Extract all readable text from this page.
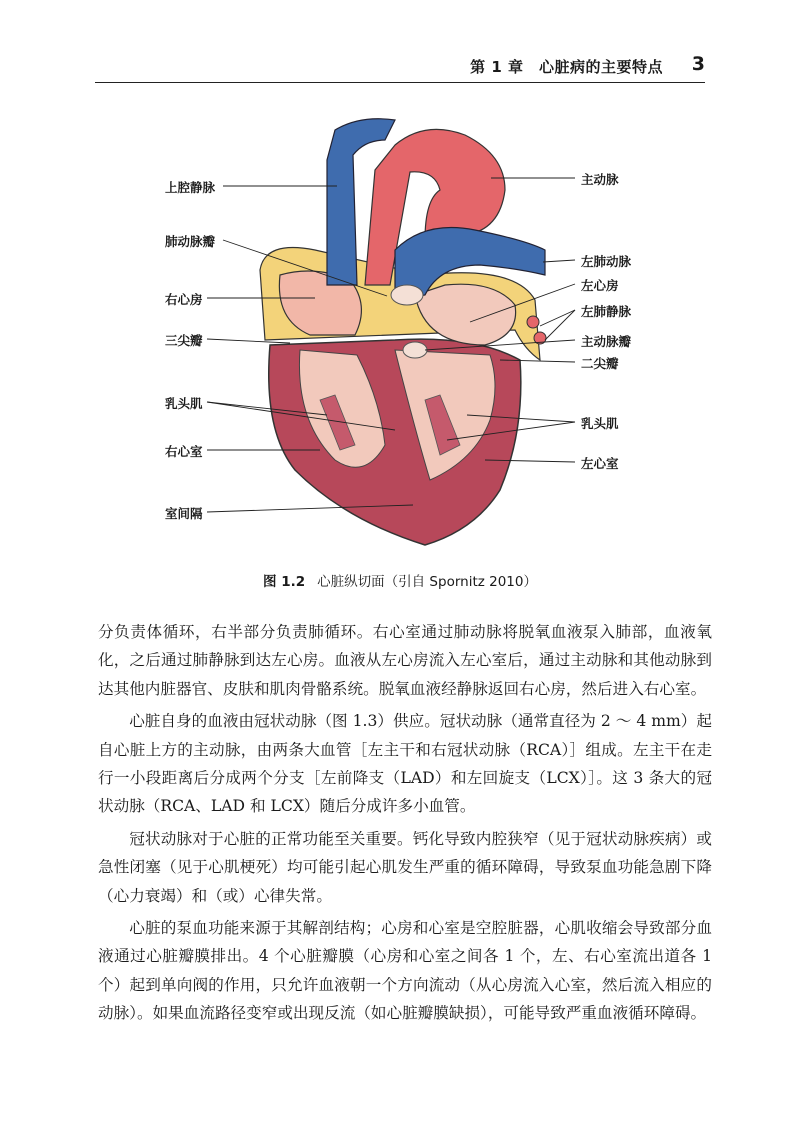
第 1 章　心脏病的主要特点 3
上腔静脉
肺动脉瓣
右心房
三尖瓣
乳头肌
右心室
室间隔
主动脉
左肺动脉
左心房
左肺静脉
主动脉瓣
二尖瓣
乳头肌
左心室
图 1.2 心脏纵切面（引自 Spornitz 2010）

分负责体循环，右半部分负责肺循环。右心室通过肺动脉将脱氧血液泵入肺部，血液氧化，之后通过肺静脉到达左心房。血液从左心房流入左心室后，通过主动脉和其他动脉到达其他内脏器官、皮肤和肌肉骨骼系统。脱氧血液经静脉返回右心房，然后进入右心室。

心脏自身的血液由冠状动脉（图 1.3）供应。冠状动脉（通常直径为 2 ～ 4 mm）起自心脏上方的主动脉，由两条大血管［左主干和右冠状动脉（RCA）］组成。左主干在走行一小段距离后分成两个分支［左前降支（LAD）和左回旋支（LCX）］。这 3 条大的冠状动脉（RCA、LAD 和 LCX）随后分成许多小血管。

冠状动脉对于心脏的正常功能至关重要。钙化导致内腔狭窄（见于冠状动脉疾病）或急性闭塞（见于心肌梗死）均可能引起心肌发生严重的循环障碍，导致泵血功能急剧下降（心力衰竭）和（或）心律失常。

心脏的泵血功能来源于其解剖结构；心房和心室是空腔脏器，心肌收缩会导致部分血液通过心脏瓣膜排出。4 个心脏瓣膜（心房和心室之间各 1 个，左、右心室流出道各 1 个）起到单向阀的作用，只允许血液朝一个方向流动（从心房流入心室，然后流入相应的动脉）。如果血流路径变窄或出现反流（如心脏瓣膜缺损），可能导致严重血液循环障碍。
